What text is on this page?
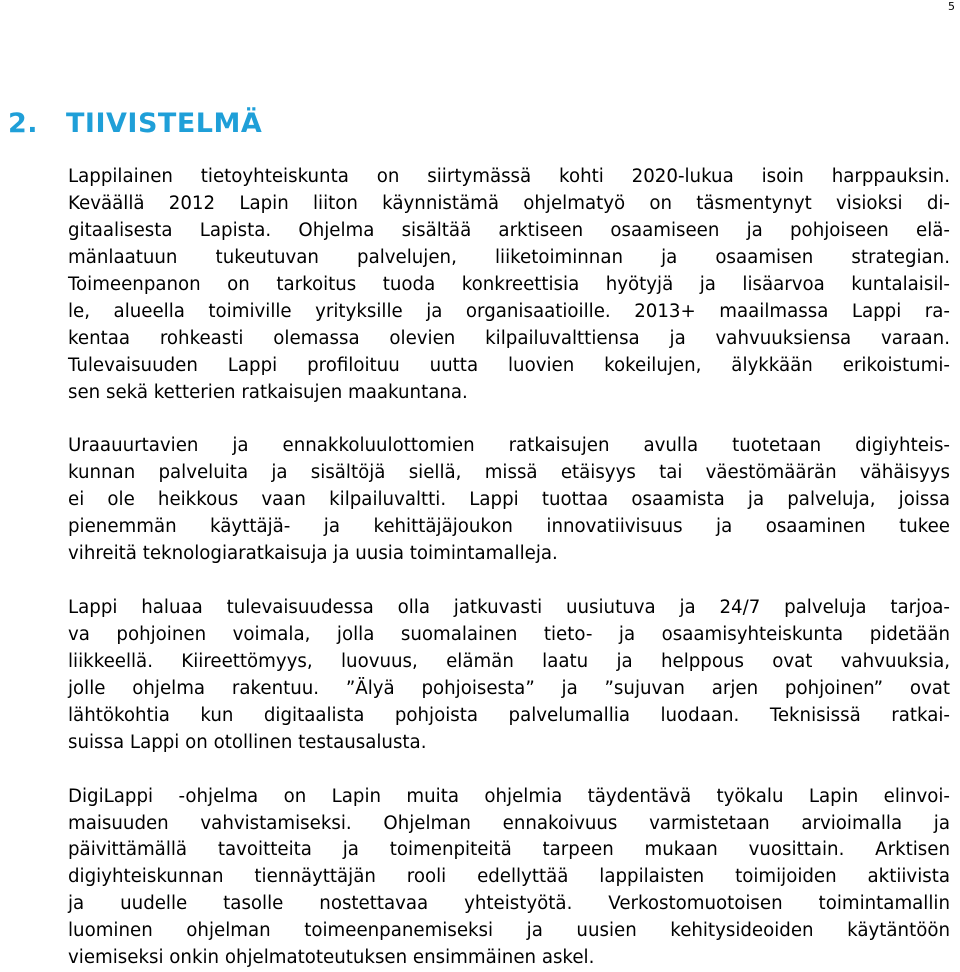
5
2. TIIVISTELMÄ
Lappilainen tietoyhteiskunta on siirtymässä kohti 2020-lukua isoin harppauksin.
Keväällä 2012 Lapin liiton käynnistämä ohjelmatyö on täsmentynyt visioksi di-
gitaalisesta Lapista. Ohjelma sisältää arktiseen osaamiseen ja pohjoiseen elä-
mänlaatuun tukeutuvan palvelujen, liiketoiminnan ja osaamisen strategian.
Toimeenpanon on tarkoitus tuoda konkreettisia hyötyjä ja lisäarvoa kuntalaisil-
le, alueella toimiville yrityksille ja organisaatioille. 2013+ maailmassa Lappi ra-
kentaa rohkeasti olemassa olevien kilpailuvalttiensa ja vahvuuksiensa varaan.
Tulevaisuuden Lappi profiloituu uutta luovien kokeilujen, älykkään erikoistumi-
sen sekä ketterien ratkaisujen maakuntana.
Uraauurtavien ja ennakkoluulottomien ratkaisujen avulla tuotetaan digiyhteis-
kunnan palveluita ja sisältöjä siellä, missä etäisyys tai väestömäärän vähäisyys
ei ole heikkous vaan kilpailuvaltti. Lappi tuottaa osaamista ja palveluja, joissa
pienemmän käyttäjä- ja kehittäjäjoukon innovatiivisuus ja osaaminen tukee
vihreitä teknologiaratkaisuja ja uusia toimintamalleja.
Lappi haluaa tulevaisuudessa olla jatkuvasti uusiutuva ja 24/7 palveluja tarjoa-
va pohjoinen voimala, jolla suomalainen tieto- ja osaamisyhteiskunta pidetään
liikkeellä. Kiireettömyys, luovuus, elämän laatu ja helppous ovat vahvuuksia,
jolle ohjelma rakentuu. ”Älyä pohjoisesta” ja ”sujuvan arjen pohjoinen” ovat
lähtökohtia kun digitaalista pohjoista palvelumallia luodaan. Teknisissä ratkai-
suissa Lappi on otollinen testausalusta.
DigiLappi -ohjelma on Lapin muita ohjelmia täydentävä työkalu Lapin elinvoi-
maisuuden vahvistamiseksi. Ohjelman ennakoivuus varmistetaan arvioimalla ja
päivittämällä tavoitteita ja toimenpiteitä tarpeen mukaan vuosittain. Arktisen
digiyhteiskunnan tiennäyttäjän rooli edellyttää lappilaisten toimijoiden aktiivista
ja uudelle tasolle nostettavaa yhteistyötä. Verkostomuotoisen toimintamallin
luominen ohjelman toimeenpanemiseksi ja uusien kehitysideoiden käytäntöön
viemiseksi onkin ohjelmatoteutuksen ensimmäinen askel.
